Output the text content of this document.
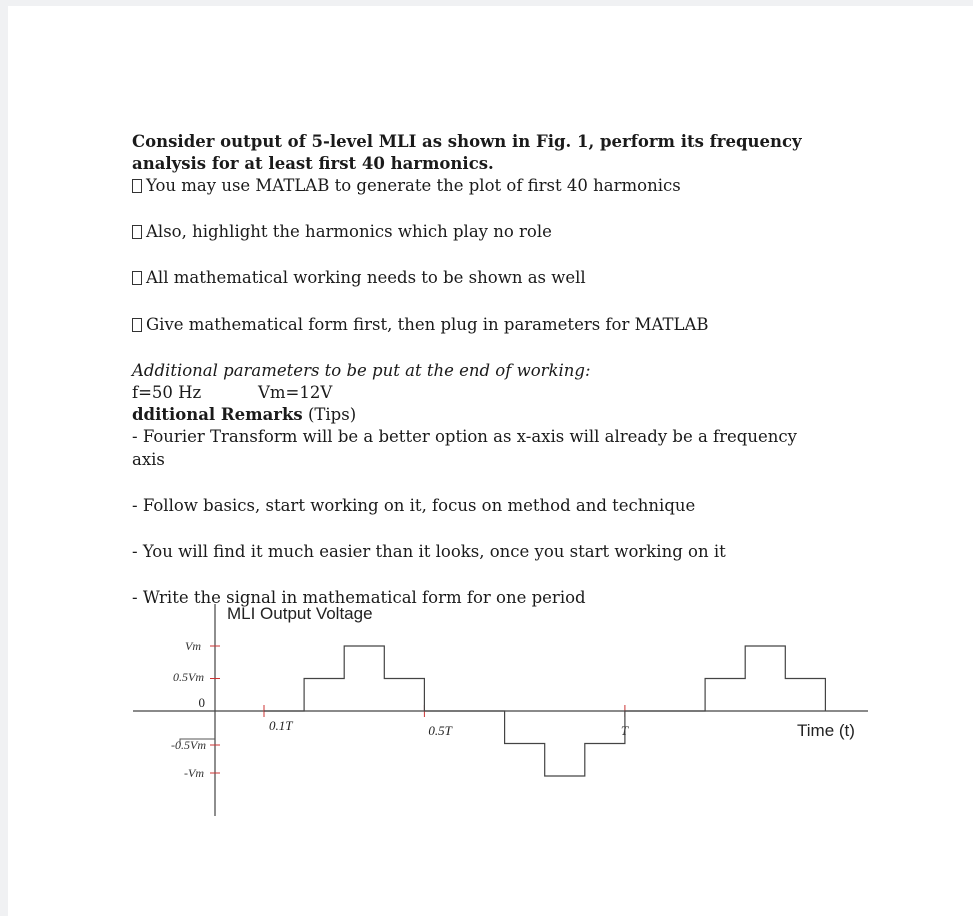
Consider output of 5-level MLI as shown in Fig. 1, perform its frequency
analysis for at least first 40 harmonics.
You may use MATLAB to generate the plot of first 40 harmonics
Also, highlight the harmonics which play no role
All mathematical working needs to be shown as well
Give mathematical form first, then plug in parameters for MATLAB
Additional parameters to be put at the end of working:
f=50 Hz	Vm=12V
dditional Remarks (Tips)
- Fourier Transform will be a better option as x-axis will already be a frequency
axis
- Follow basics, start working on it, focus on method and technique
- You will find it much easier than it looks, once you start working on it
- Write the signal in mathematical form for one period
Vm
0.5Vm
0
-0.5Vm
-Vm
0.1T	0.5T	T
MLI Output Voltage
Time (t)
